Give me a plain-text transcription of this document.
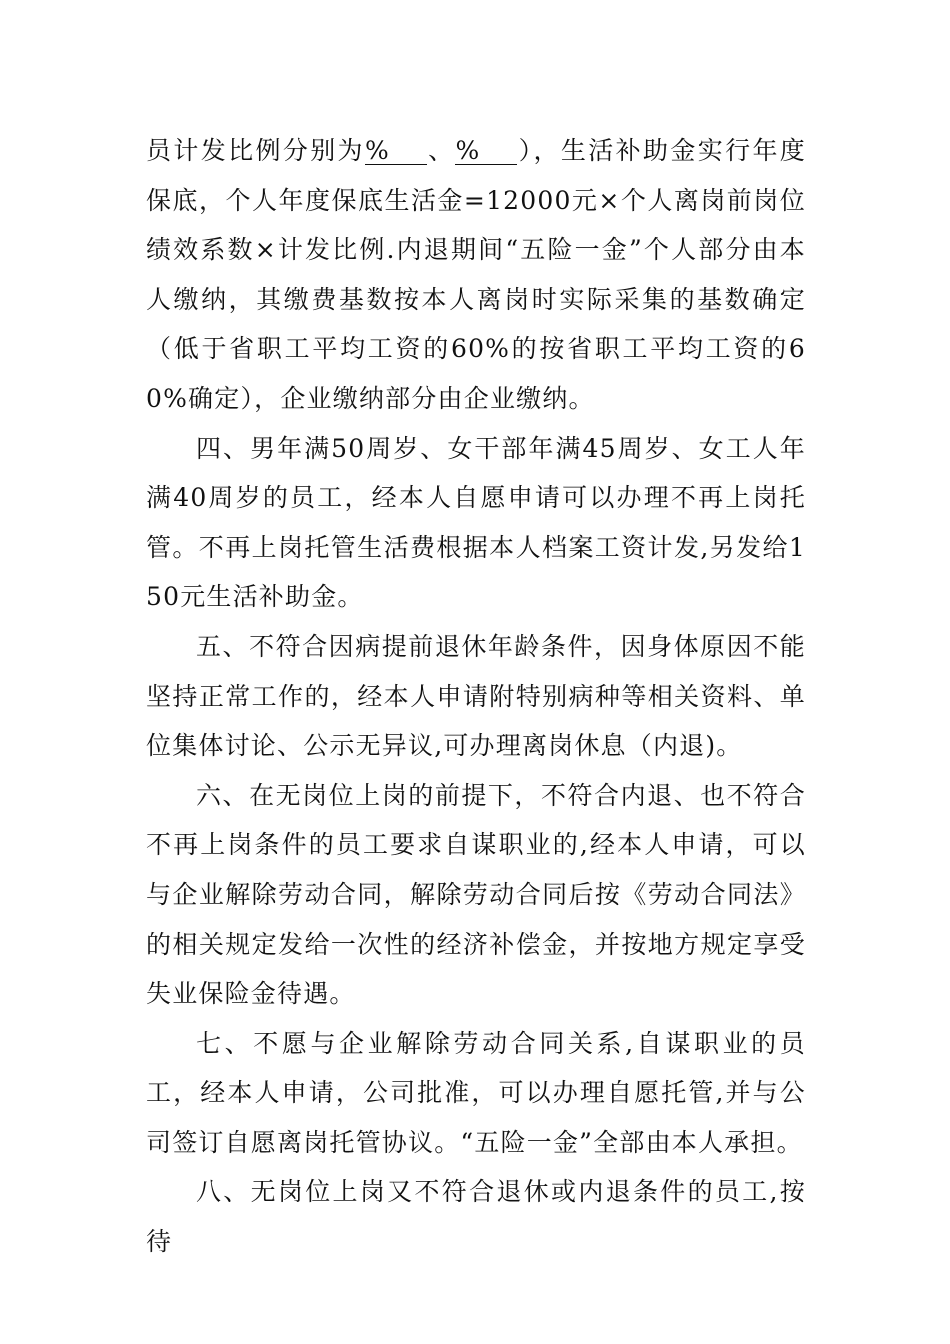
员计发比例分别为% 、% ），生活补助金实行年度保底，个人年度保底生活金=12000元×个人离岗前岗位绩效系数×计发比例.内退期间“五险一金”个人部分由本人缴纳，其缴费基数按本人离岗时实际采集的基数确定（低于省职工平均工资的60%的按省职工平均工资的60%确定），企业缴纳部分由企业缴纳。

四、男年满50周岁、女干部年满45周岁、女工人年满40周岁的员工，经本人自愿申请可以办理不再上岗托管。不再上岗托管生活费根据本人档案工资计发,另发给150元生活补助金。

五、不符合因病提前退休年龄条件，因身体原因不能坚持正常工作的，经本人申请附特别病种等相关资料、单位集体讨论、公示无异议,可办理离岗休息（内退)。

六、在无岗位上岗的前提下，不符合内退、也不符合不再上岗条件的员工要求自谋职业的,经本人申请，可以与企业解除劳动合同，解除劳动合同后按《劳动合同法》的相关规定发给一次性的经济补偿金，并按地方规定享受失业保险金待遇。

七、不愿与企业解除劳动合同关系,自谋职业的员工，经本人申请，公司批准，可以办理自愿托管,并与公司签订自愿离岗托管协议。“五险一金”全部由本人承担。

八、无岗位上岗又不符合退休或内退条件的员工,按待
